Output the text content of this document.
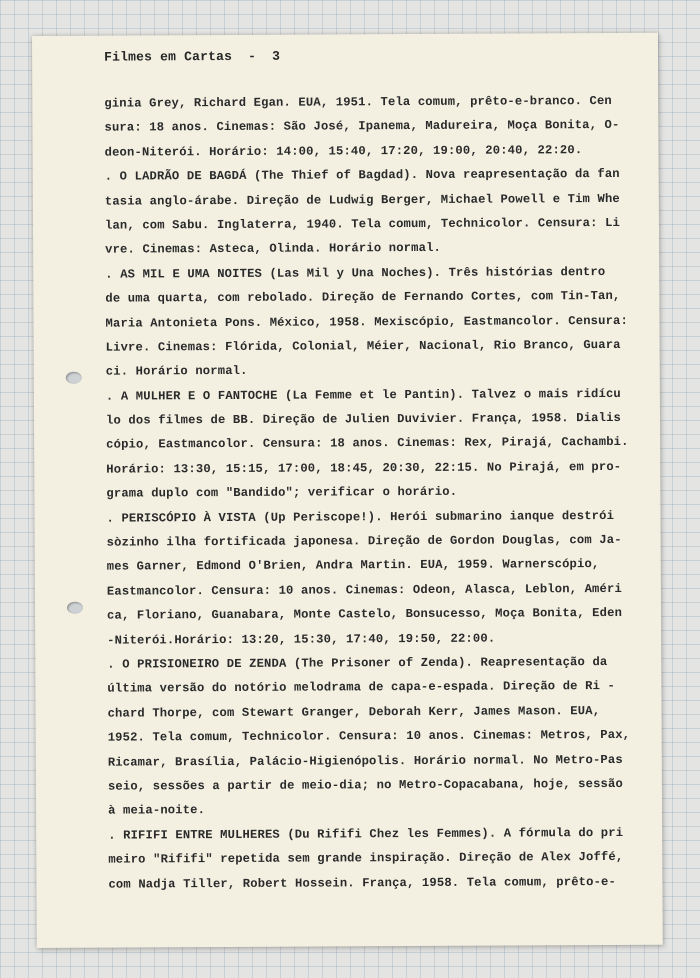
Filmes em Cartas  -  3
ginia Grey, Richard Egan. EUA, 1951. Tela comum, prêto-e-branco. Cen
sura: 18 anos. Cinemas: São José, Ipanema, Madureira, Moça Bonita, O-
deon-Niterói. Horário: 14:00, 15:40, 17:20, 19:00, 20:40, 22:20.
. O LADRÃO DE BAGDÁ (The Thief of Bagdad). Nova reapresentação da fan
tasia anglo-árabe. Direção de Ludwig Berger, Michael Powell e Tim Whe
lan, com Sabu. Inglaterra, 1940. Tela comum, Technicolor. Censura: Li
vre. Cinemas: Asteca, Olinda. Horário normal.
. AS MIL E UMA NOITES (Las Mil y Una Noches). Três histórias dentro
de uma quarta, com rebolado. Direção de Fernando Cortes, com Tin-Tan,
Maria Antonieta Pons. México, 1958. Mexiscópio, Eastmancolor. Censura:
Livre. Cinemas: Flórida, Colonial, Méier, Nacional, Rio Branco, Guara
ci. Horário normal.
. A MULHER E O FANTOCHE (La Femme et le Pantin). Talvez o mais ridícu
lo dos filmes de BB. Direção de Julien Duvivier. França, 1958. Dialis
cópio, Eastmancolor. Censura: 18 anos. Cinemas: Rex, Pirajá, Cachambi.
Horário: 13:30, 15:15, 17:00, 18:45, 20:30, 22:15. No Pirajá, em pro-
grama duplo com "Bandido"; verificar o horário.
. PERISCÓPIO À VISTA (Up Periscope!). Herói submarino ianque destrói
sòzinho ilha fortificada japonesa. Direção de Gordon Douglas, com Ja-
mes Garner, Edmond O'Brien, Andra Martin. EUA, 1959. Warnerscópio,
Eastmancolor. Censura: 10 anos. Cinemas: Odeon, Alasca, Leblon, Améri
ca, Floriano, Guanabara, Monte Castelo, Bonsucesso, Moça Bonita, Eden
-Niterói.Horário: 13:20, 15:30, 17:40, 19:50, 22:00.
. O PRISIONEIRO DE ZENDA (The Prisoner of Zenda). Reapresentação da
última versão do notório melodrama de capa-e-espada. Direção de Ri -
chard Thorpe, com Stewart Granger, Deborah Kerr, James Mason. EUA,
1952. Tela comum, Technicolor. Censura: 10 anos. Cinemas: Metros, Pax,
Ricamar, Brasília, Palácio-Higienópolis. Horário normal. No Metro-Pas
seio, sessões a partir de meio-dia; no Metro-Copacabana, hoje, sessão
à meia-noite.
. RIFIFI ENTRE MULHERES (Du Rififi Chez les Femmes). A fórmula do pri
meiro "Rififi" repetida sem grande inspiração. Direção de Alex Joffé,
com Nadja Tiller, Robert Hossein. França, 1958. Tela comum, prêto-e-
